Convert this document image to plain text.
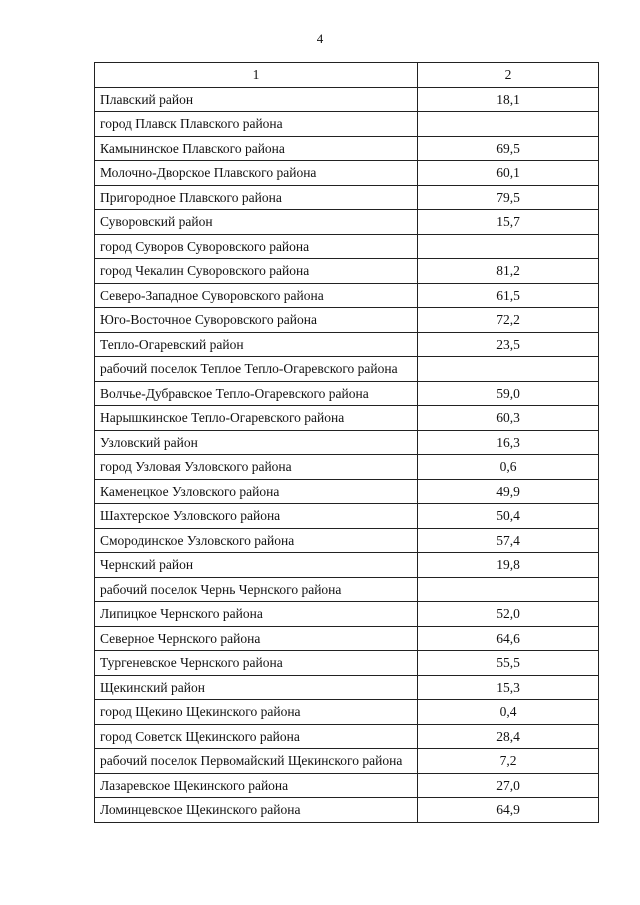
4
1	2
Плавский район	18,1
город Плавск Плавского района	
Камынинское Плавского района	69,5
Молочно-Дворское Плавского района	60,1
Пригородное Плавского района	79,5
Суворовский район	15,7
город Суворов Суворовского района	
город Чекалин Суворовского района	81,2
Северо-Западное Суворовского района	61,5
Юго-Восточное Суворовского района	72,2
Тепло-Огаревский район	23,5
рабочий поселок Теплое Тепло-Огаревского района	
Волчье-Дубравское Тепло-Огаревского района	59,0
Нарышкинское Тепло-Огаревского района	60,3
Узловский район	16,3
город Узловая Узловского района	0,6
Каменецкое Узловского района	49,9
Шахтерское Узловского района	50,4
Смородинское Узловского района	57,4
Чернский район	19,8
рабочий поселок Чернь Чернского района	
Липицкое Чернского района	52,0
Северное Чернского района	64,6
Тургеневское Чернского района	55,5
Щекинский район	15,3
город Щекино Щекинского района	0,4
город Советск Щекинского района	28,4
рабочий поселок Первомайский Щекинского района	7,2
Лазаревское Щекинского района	27,0
Ломинцевское Щекинского района	64,9
